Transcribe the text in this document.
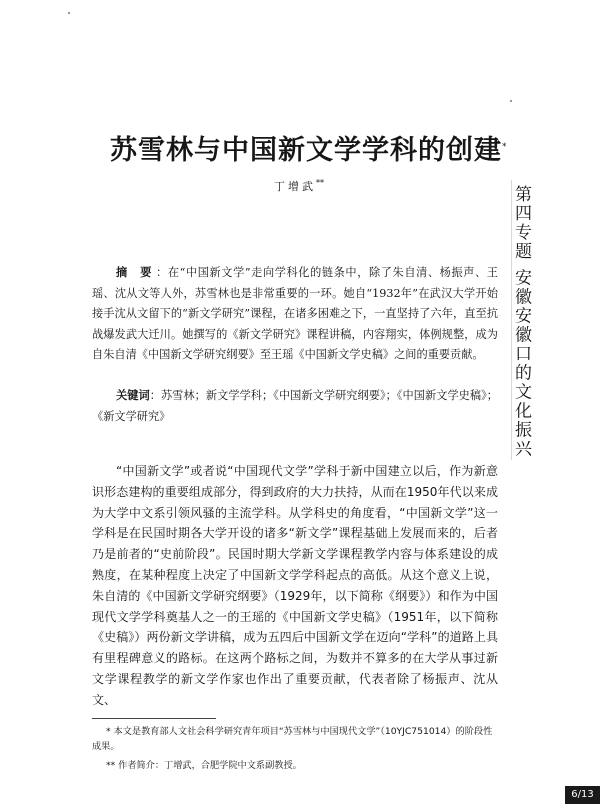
苏雪林与中国新文学学科的创建*
丁增武**
第四专题 安徽安徽口的文化振兴
摘 要：在“中国新文学”走向学科化的链条中，除了朱自清、杨振声、王瑶、沈从文等人外，苏雪林也是非常重要的一环。她自“1932年”在武汉大学开始接手沈从文留下的“新文学研究”课程，在诸多困难之下，一直坚持了六年，直至抗战爆发武大迁川。她撰写的《新文学研究》课程讲稿，内容翔实，体例规整，成为自朱自清《中国新文学研究纲要》至王瑶《中国新文学史稿》之间的重要贡献。
关键词：苏雪林；新文学学科；《中国新文学研究纲要》；《中国新文学史稿》；《新文学研究》
“中国新文学”或者说“中国现代文学”学科于新中国建立以后，作为新意识形态建构的重要组成部分，得到政府的大力扶持，从而在1950年代以来成为大学中文系引领风骚的主流学科。从学科史的角度看，“中国新文学”这一学科是在民国时期各大学开设的诸多“新文学”课程基础上发展而来的，后者乃是前者的“史前阶段”。民国时期大学新文学课程教学内容与体系建设的成熟度，在某种程度上决定了中国新文学学科起点的高低。从这个意义上说，朱自清的《中国新文学研究纲要》（1929年，以下简称《纲要》）和作为中国现代文学学科奠基人之一的王瑶的《中国新文学史稿》（1951年，以下简称《史稿》）两份新文学讲稿，成为五四后中国新文学在迈向“学科”的道路上具有里程碑意义的路标。在这两个路标之间，为数并不算多的在大学从事过新文学课程教学的新文学作家也作出了重要贡献，代表者除了杨振声、沈从文、
* 本文是教育部人文社会科学研究青年项目“苏雪林与中国现代文学”（10YJC751014）的阶段性成果。
** 作者简介：丁增武，合肥学院中文系副教授。
6/13
